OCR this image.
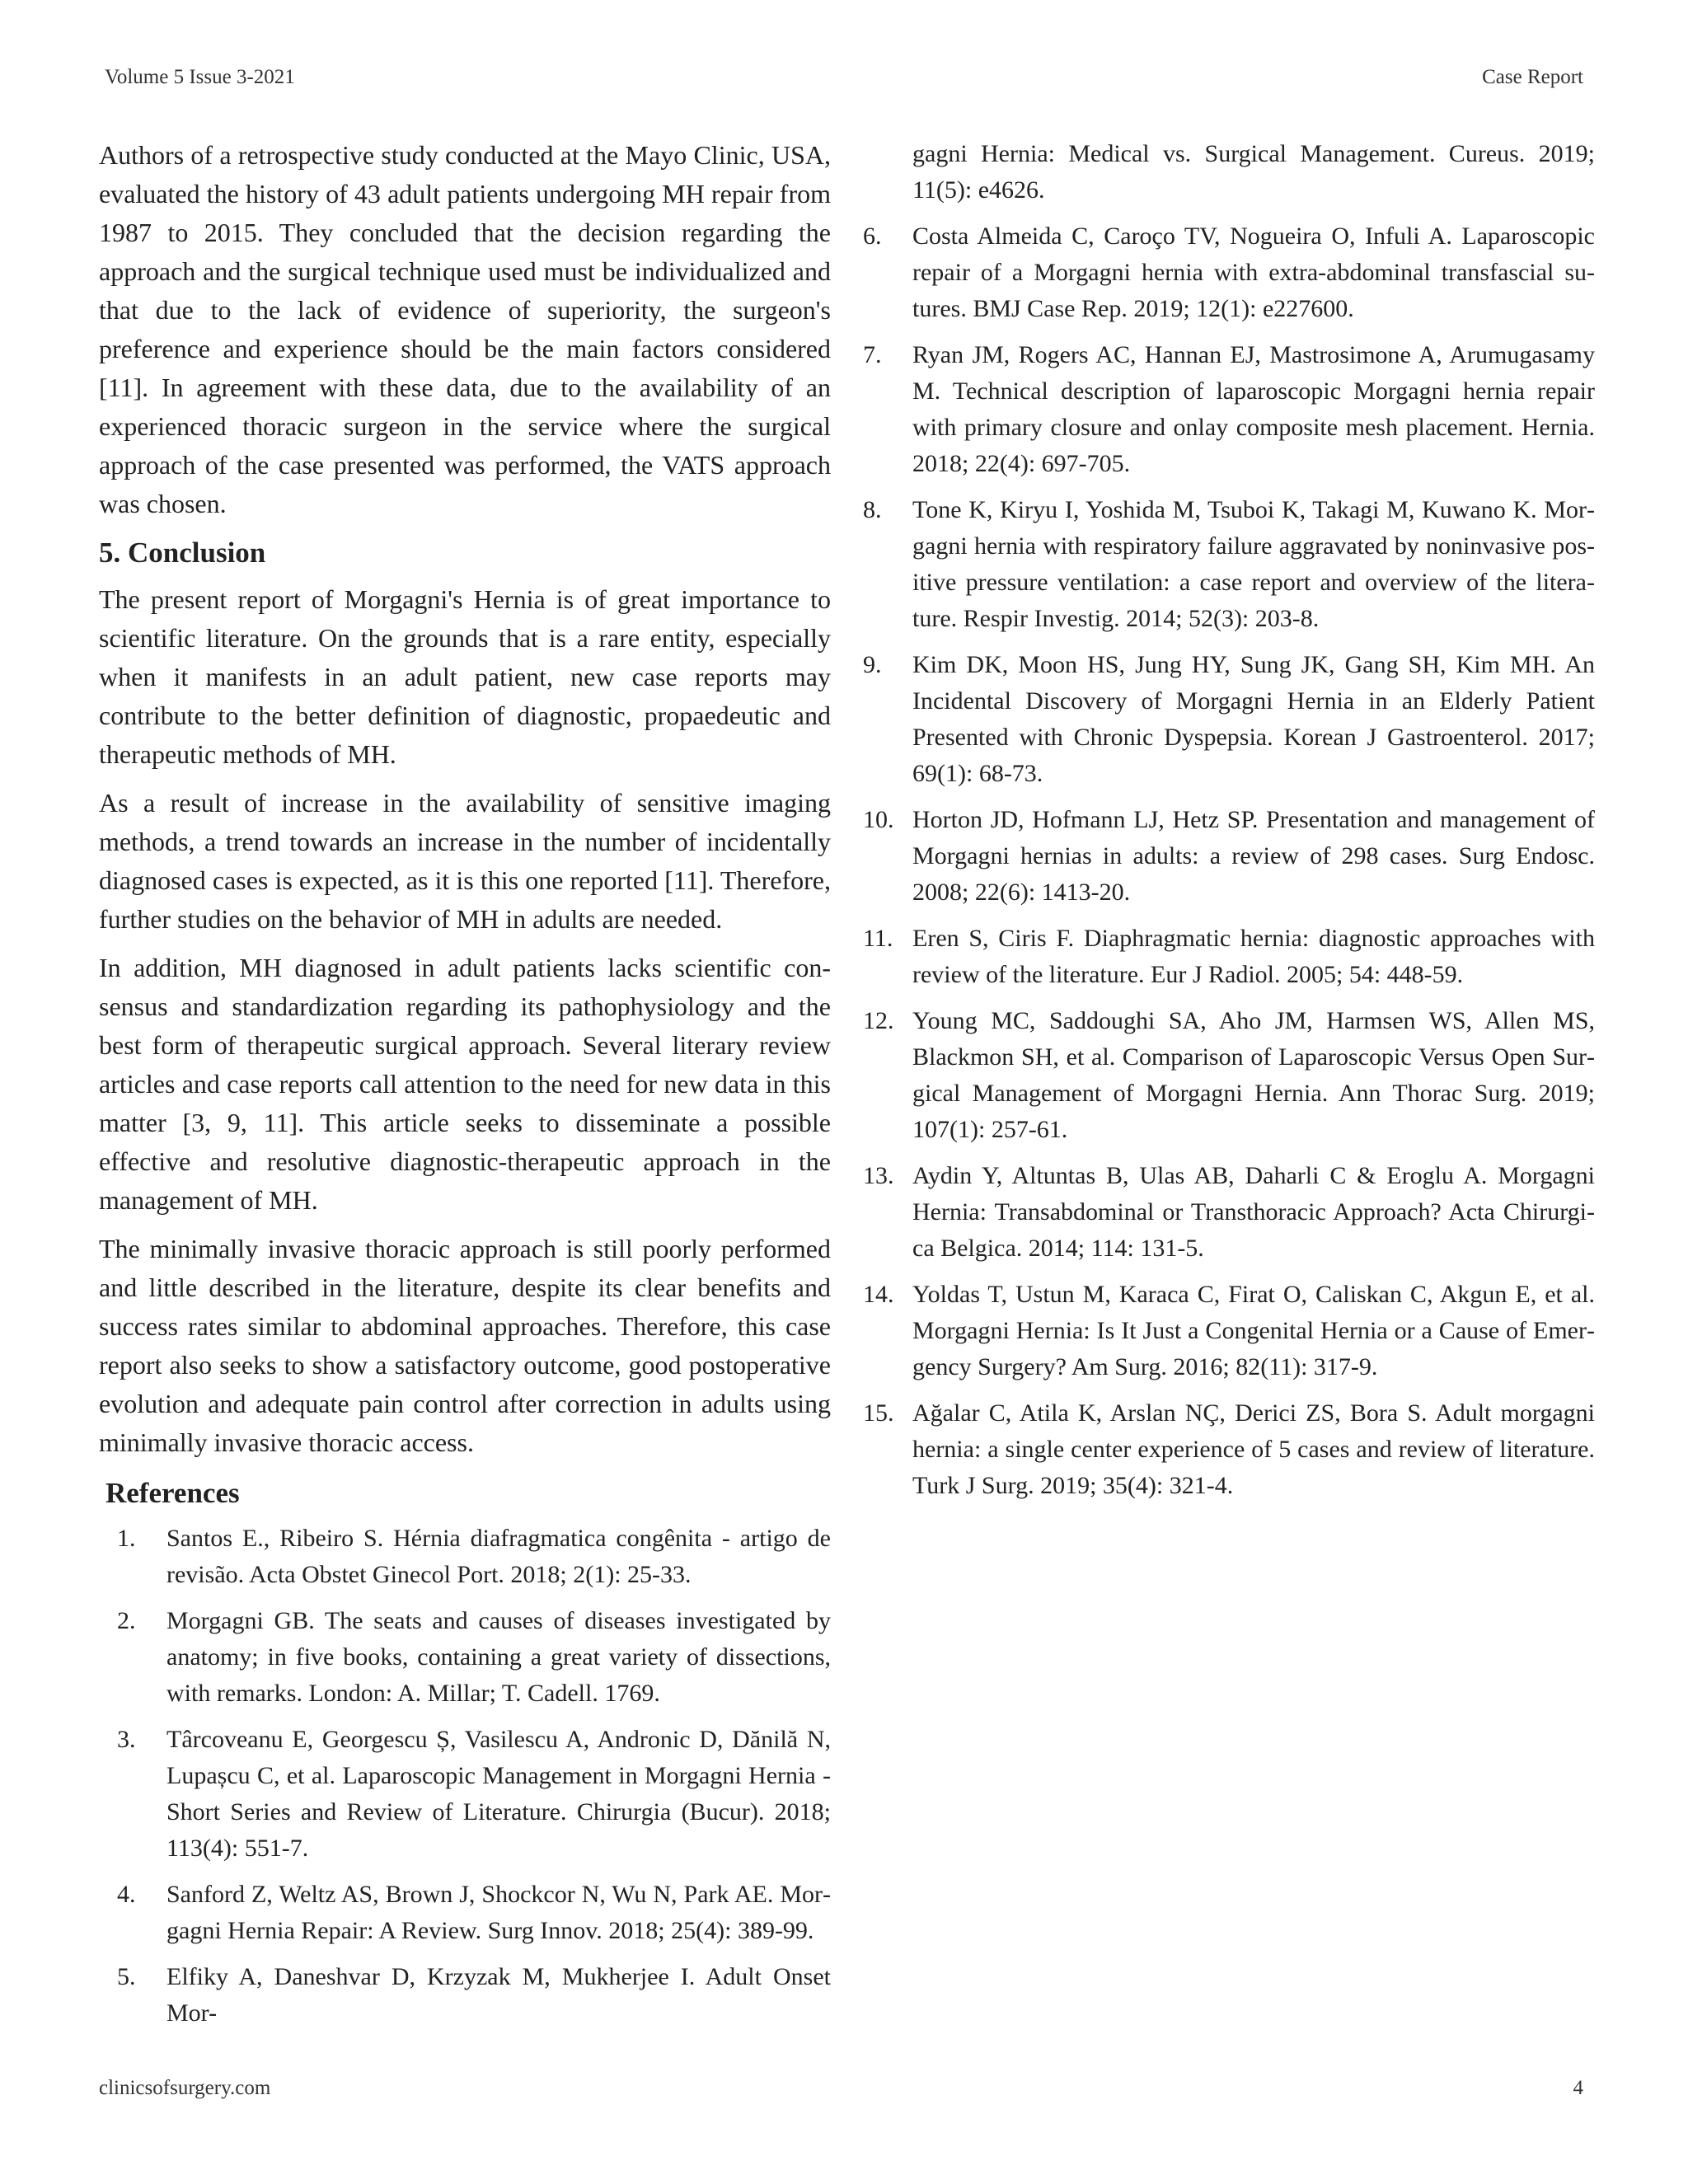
Volume 5 Issue 3-2021	Case Report

Authors of a retrospective study conducted at the Mayo Clinic, USA, evaluated the history of 43 adult patients undergoing MH repair from 1987 to 2015. They concluded that the decision regarding the approach and the surgical technique used must be individualized and that due to the lack of evidence of superiority, the surgeon's preference and experience should be the main factors considered [11]. In agreement with these data, due to the availability of an experienced thoracic surgeon in the service where the surgical approach of the case presented was performed, the VATS approach was chosen.

5. Conclusion

The present report of Morgagni's Hernia is of great importance to scientific literature. On the grounds that is a rare entity, especially when it manifests in an adult patient, new case reports may contribute to the better definition of diagnostic, propaedeutic and therapeutic methods of MH.

As a result of increase in the availability of sensitive imaging methods, a trend towards an increase in the number of incidentally diagnosed cases is expected, as it is this one reported [11]. Therefore, further studies on the behavior of MH in adults are needed.

In addition, MH diagnosed in adult patients lacks scientific consensus and standardization regarding its pathophysiology and the best form of therapeutic surgical approach. Several literary review articles and case reports call attention to the need for new data in this matter [3, 9, 11]. This article seeks to disseminate a possible effective and resolutive diagnostic-therapeutic approach in the management of MH.

The minimally invasive thoracic approach is still poorly performed and little described in the literature, despite its clear benefits and success rates similar to abdominal approaches. Therefore, this case report also seeks to show a satisfactory outcome, good postoperative evolution and adequate pain control after correction in adults using minimally invasive thoracic access.

References
1. Santos E., Ribeiro S. Hérnia diafragmatica congênita - artigo de revisão. Acta Obstet Ginecol Port. 2018; 2(1): 25-33.
2. Morgagni GB. The seats and causes of diseases investigated by anatomy; in five books, containing a great variety of dissections, with remarks. London: A. Millar; T. Cadell. 1769.
3. Târcoveanu E, Georgescu Ș, Vasilescu A, Andronic D, Dănilă N, Lupașcu C, et al. Laparoscopic Management in Morgagni Hernia - Short Series and Review of Literature. Chirurgia (Bucur). 2018; 113(4): 551-7.
4. Sanford Z, Weltz AS, Brown J, Shockcor N, Wu N, Park AE. Morgagni Hernia Repair: A Review. Surg Innov. 2018; 25(4): 389-99.
5. Elfiky A, Daneshvar D, Krzyzak M, Mukherjee I. Adult Onset Mor-
gagni Hernia: Medical vs. Surgical Management. Cureus. 2019; 11(5): e4626.
6. Costa Almeida C, Caroço TV, Nogueira O, Infuli A. Laparoscopic repair of a Morgagni hernia with extra-abdominal transfascial sutures. BMJ Case Rep. 2019; 12(1): e227600.
7. Ryan JM, Rogers AC, Hannan EJ, Mastrosimone A, Arumugasamy M. Technical description of laparoscopic Morgagni hernia repair with primary closure and onlay composite mesh placement. Hernia. 2018; 22(4): 697-705.
8. Tone K, Kiryu I, Yoshida M, Tsuboi K, Takagi M, Kuwano K. Morgagni hernia with respiratory failure aggravated by noninvasive positive pressure ventilation: a case report and overview of the literature. Respir Investig. 2014; 52(3): 203-8.
9. Kim DK, Moon HS, Jung HY, Sung JK, Gang SH, Kim MH. An Incidental Discovery of Morgagni Hernia in an Elderly Patient Presented with Chronic Dyspepsia. Korean J Gastroenterol. 2017; 69(1): 68-73.
10. Horton JD, Hofmann LJ, Hetz SP. Presentation and management of Morgagni hernias in adults: a review of 298 cases. Surg Endosc. 2008; 22(6): 1413-20.
11. Eren S, Ciris F. Diaphragmatic hernia: diagnostic approaches with review of the literature. Eur J Radiol. 2005; 54: 448-59.
12. Young MC, Saddoughi SA, Aho JM, Harmsen WS, Allen MS, Blackmon SH, et al. Comparison of Laparoscopic Versus Open Surgical Management of Morgagni Hernia. Ann Thorac Surg. 2019; 107(1): 257-61.
13. Aydin Y, Altuntas B, Ulas AB, Daharli C & Eroglu A. Morgagni Hernia: Transabdominal or Transthoracic Approach? Acta Chirurgica Belgica. 2014; 114: 131-5.
14. Yoldas T, Ustun M, Karaca C, Firat O, Caliskan C, Akgun E, et al. Morgagni Hernia: Is It Just a Congenital Hernia or a Cause of Emergency Surgery? Am Surg. 2016; 82(11): 317-9.
15. Ağalar C, Atila K, Arslan NÇ, Derici ZS, Bora S. Adult morgagni hernia: a single center experience of 5 cases and review of literature. Turk J Surg. 2019; 35(4): 321-4.
clinicsofsurgery.com	4
